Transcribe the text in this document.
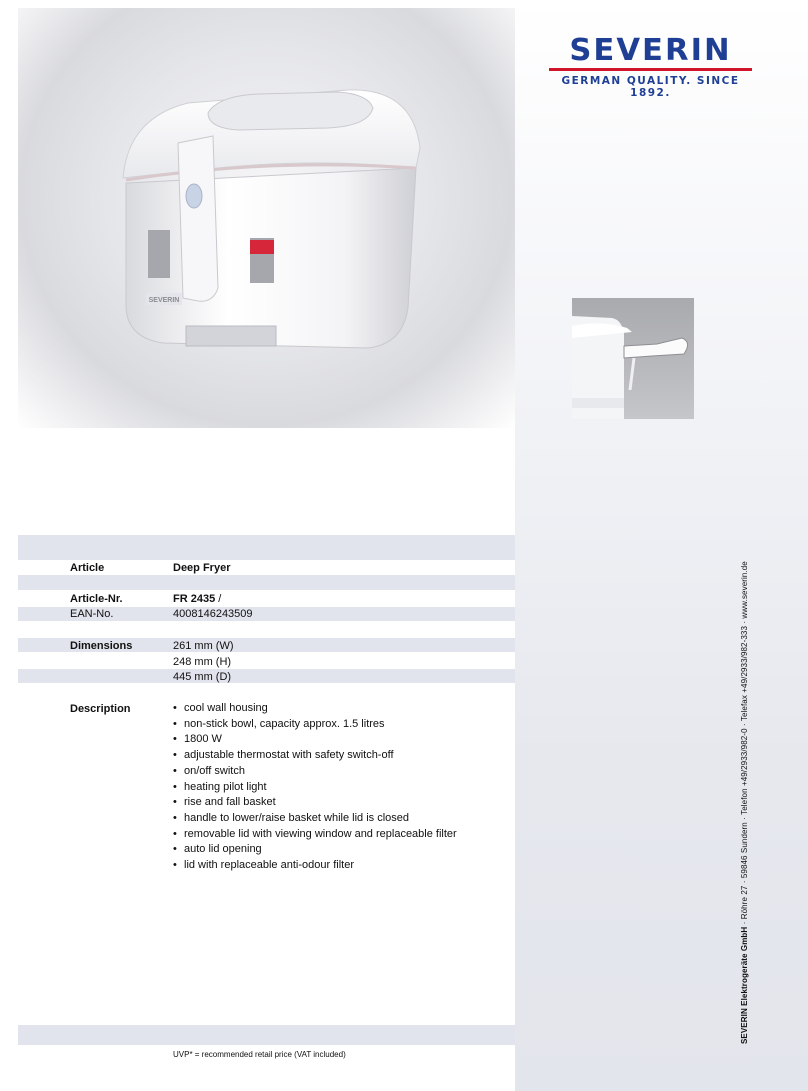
SEVERIN
GERMAN QUALITY. SINCE 1892.
SEVERIN
Article	Deep Fryer
Article-Nr.	FR 2435 /
EAN-No.	4008146243509
Dimensions	261 mm (W)
248 mm (H)
445 mm (D)
Description
•	cool wall housing
• non-stick bowl, capacity approx. 1.5 litres
• 1800 W
• adjustable thermostat with safety switch-off
• on/off switch
• heating pilot light
• rise and fall basket
• handle to lower/raise basket while lid is closed
• removable lid with viewing window and replaceable filter
• auto lid opening
• lid with replaceable anti-odour filter
UVP* = recommended retail price (VAT included)
SEVERIN Elektrogeräte GmbH · Röhre 27 · 59846 Sundern · Telefon +49/2933/982-0 · Telefax +49/2933/982-333 · www.severin.de
